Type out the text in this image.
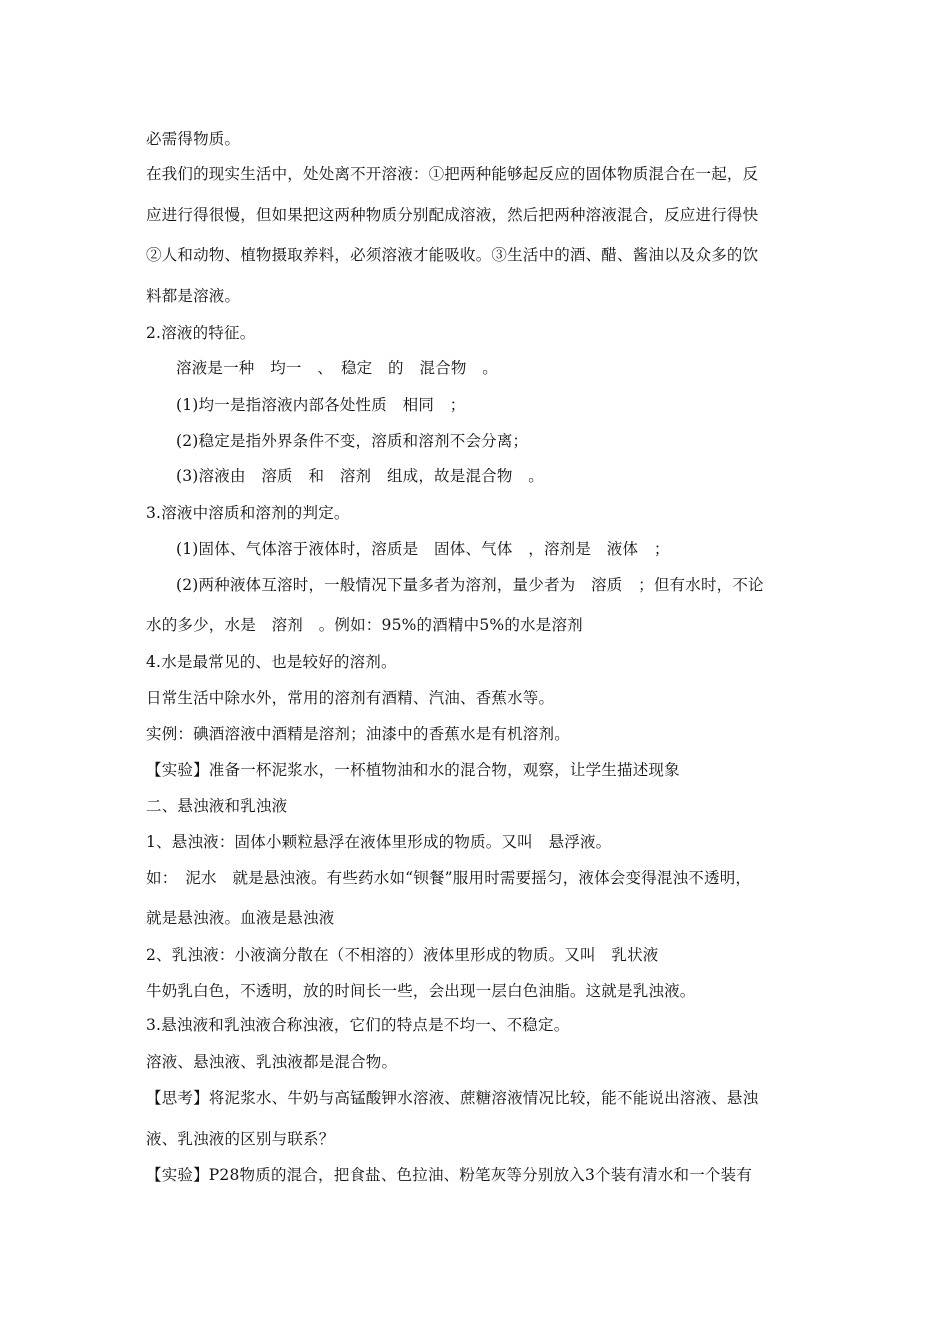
必需得物质。
在我们的现实生活中，处处离不开溶液：①把两种能够起反应的固体物质混合在一起，反
应进行得很慢，但如果把这两种物质分别配成溶液，然后把两种溶液混合，反应进行得快
②人和动物、植物摄取养料，必须溶液才能吸收。③生活中的酒、醋、酱油以及众多的饮
料都是溶液。
2.溶液的特征。
溶液是一种　均一　、　稳定　的　混合物　。
(1)均一是指溶液内部各处性质　相同　；
(2)稳定是指外界条件不变，溶质和溶剂不会分离；
(3)溶液由　溶质　和　溶剂　组成，故是混合物　。
3.溶液中溶质和溶剂的判定。
(1)固体、气体溶于液体时，溶质是　固体、气体　，溶剂是　液体　；
(2)两种液体互溶时，一般情况下量多者为溶剂，量少者为　溶质　；但有水时，不论
水的多少，水是　溶剂　。例如：95%的酒精中5%的水是溶剂
4.水是最常见的、也是较好的溶剂。
日常生活中除水外，常用的溶剂有酒精、汽油、香蕉水等。
实例：碘酒溶液中酒精是溶剂；油漆中的香蕉水是有机溶剂。
【实验】准备一杯泥浆水，一杯植物油和水的混合物，观察，让学生描述现象
二、悬浊液和乳浊液
1、悬浊液：固体小颗粒悬浮在液体里形成的物质。又叫　悬浮液。
如：　泥水　就是悬浊液。有些药水如“钡餐”服用时需要摇匀，液体会变得混浊不透明，
就是悬浊液。血液是悬浊液
2、乳浊液：小液滴分散在（不相溶的）液体里形成的物质。又叫　乳状液
牛奶乳白色，不透明，放的时间长一些，会出现一层白色油脂。这就是乳浊液。
3.悬浊液和乳浊液合称浊液，它们的特点是不均一、不稳定。
溶液、悬浊液、乳浊液都是混合物。
【思考】将泥浆水、牛奶与高锰酸钾水溶液、蔗糖溶液情况比较，能不能说出溶液、悬浊
液、乳浊液的区别与联系？
【实验】P28物质的混合，把食盐、色拉油、粉笔灰等分别放入3个装有清水和一个装有
